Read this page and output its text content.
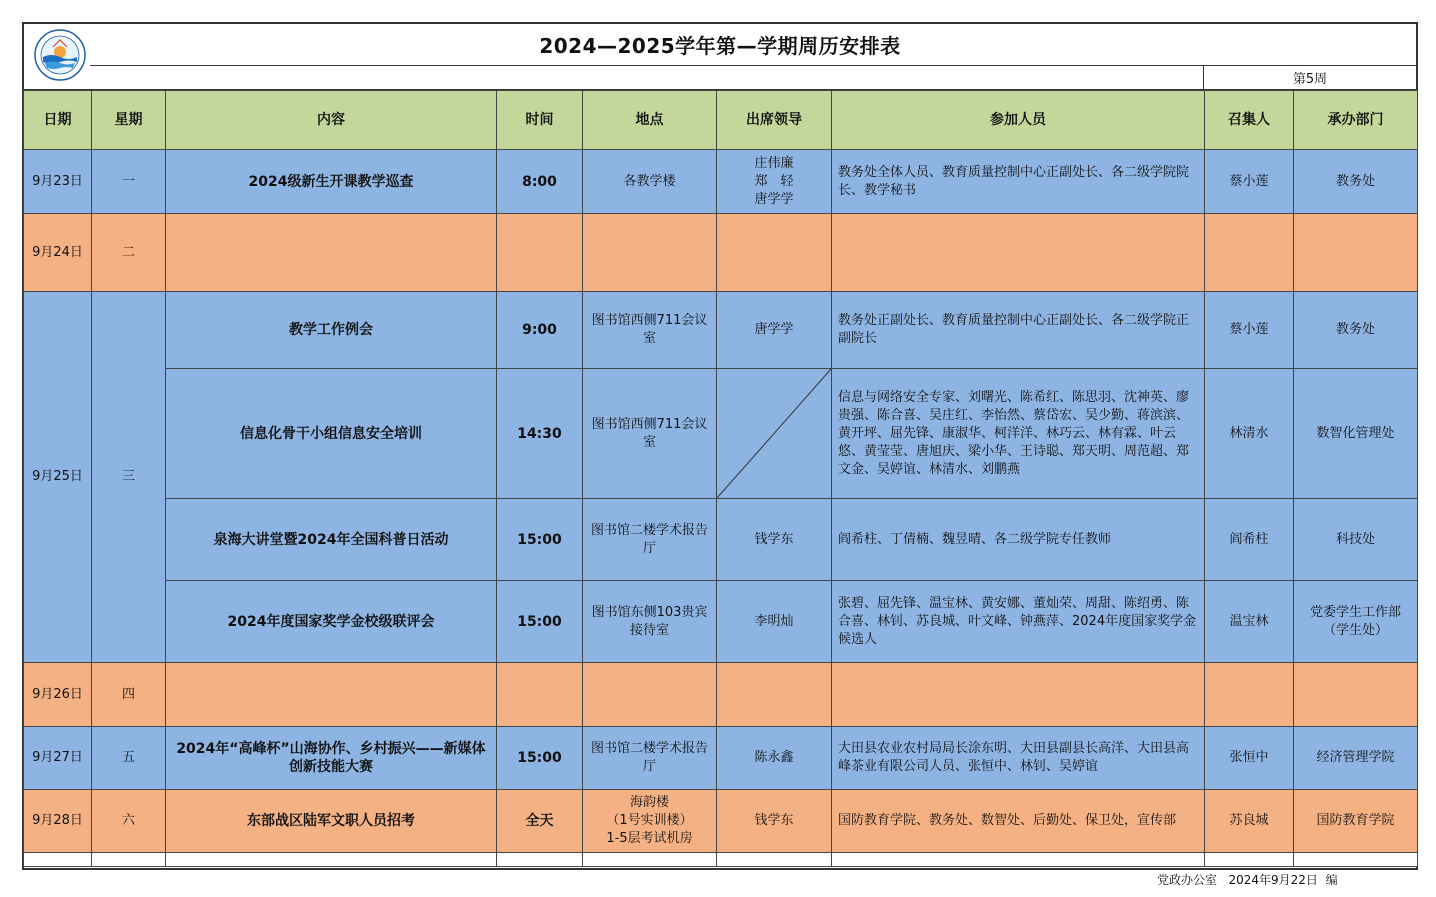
2024—2025学年第—学期周历安排表
第5周
日期	星期	内容	时间	地点	出席领导	参加人员	召集人	承办部门
9月23日	一	2024级新生开课教学巡查	8:00	各教学楼	庄伟廉
郑　轻
唐学学	教务处全体人员、教育质量控制中心正副处长、各二级学院院长、教学秘书	蔡小莲	教务处
9月24日	二							
9月25日	三	教学工作例会	9:00	图书馆西侧711会议室	唐学学	教务处正副处长、教育质量控制中心正副处长、各二级学院正副院长	蔡小莲	教务处
		信息化骨干小组信息安全培训	14:30	图书馆西侧711会议室		信息与网络安全专家、刘曙光、陈希红、陈思羽、沈神英、廖贵强、陈合喜、吴庄红、李怡然、蔡岱宏、吴少勤、蒋滨滨、黄开坪、屈先锋、康淑华、柯洋洋、林巧云、林有霖、叶云悠、黄莹莹、唐旭庆、梁小华、王诗聪、郑天明、周范超、郑文金、吴婷谊、林清水、刘鹏燕	林清水	数智化管理处
		泉海大讲堂暨2024年全国科普日活动	15:00	图书馆二楼学术报告厅	钱学东	阎希柱、丁倩楠、魏昱晴、各二级学院专任教师	阎希柱	科技处
		2024年度国家奖学金校级联评会	15:00	图书馆东侧103贵宾接待室	李明灿	张碧、屈先锋、温宝林、黄安娜、董灿荣、周甜、陈绍勇、陈合喜、林钊、苏良城、叶文峰、钟燕萍、2024年度国家奖学金候选人	温宝林	党委学生工作部（学生处）
9月26日	四							
9月27日	五	2024年“高峰杯”山海协作、乡村振兴——新媒体创新技能大赛	15:00	图书馆二楼学术报告厅	陈永鑫	大田县农业农村局局长涂东明、大田县副县长高洋、大田县高峰茶业有限公司人员、张恒中、林钊、吴婷谊	张恒中	经济管理学院
9月28日	六	东部战区陆军文职人员招考	全天	海韵楼
（1号实训楼）
1-5层考试机房	钱学东	国防教育学院、教务处、数智处、后勤处、保卫处，宣传部	苏良城	国防教育学院

党政办公室 2024年9月22日 编
